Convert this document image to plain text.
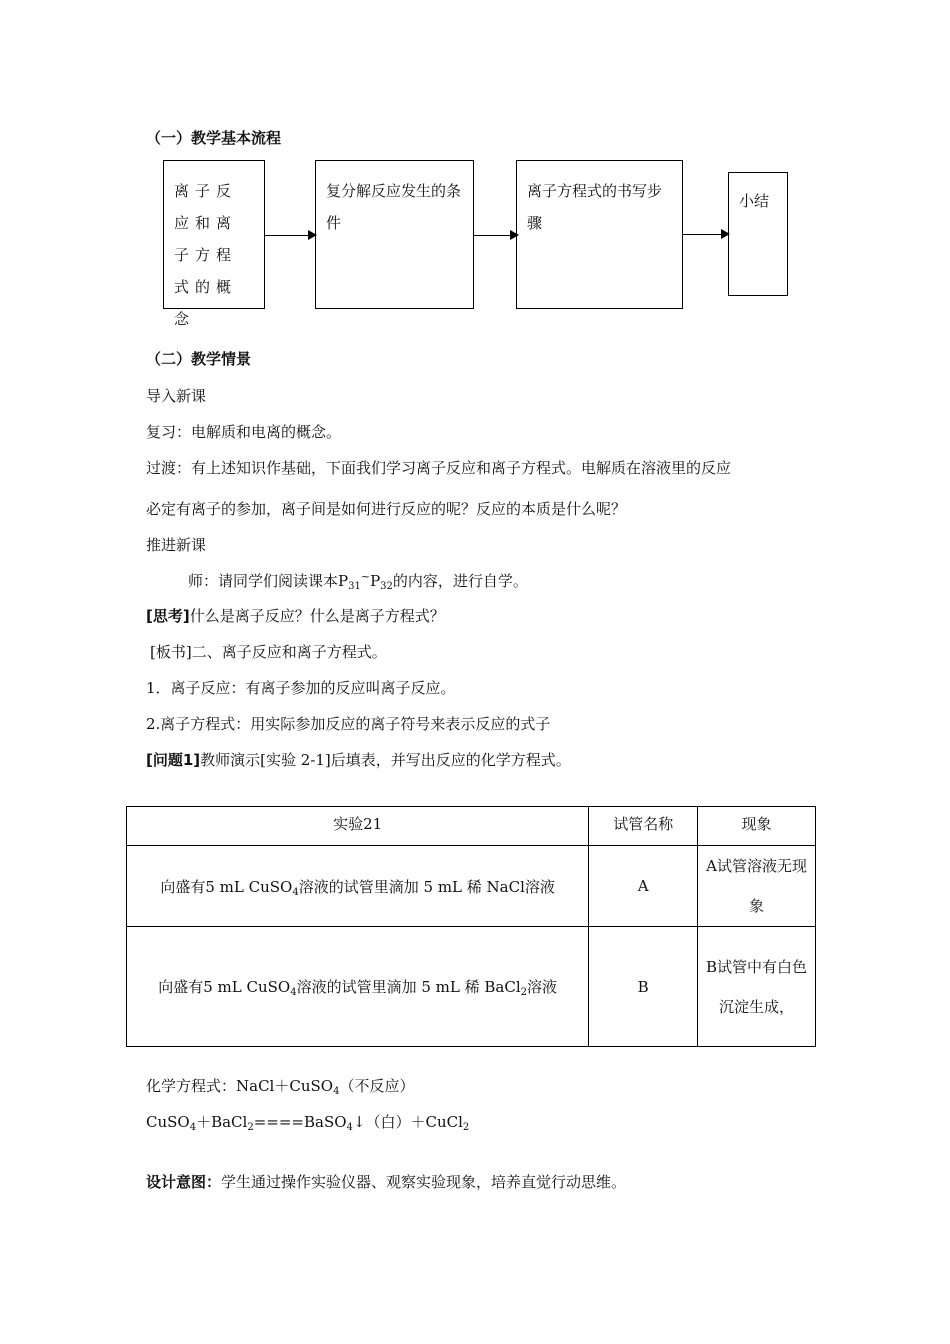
（一）教学基本流程
离子反应和离子方程式的概念
复分解反应发生的条件
离子方程式的书写步骤
小结
（二）教学情景
导入新课
复习：电解质和电离的概念。
过渡：有上述知识作基础，下面我们学习离子反应和离子方程式。电解质在溶液里的反应
必定有离子的参加，离子间是如何进行反应的呢？反应的本质是什么呢？
推进新课
师：请同学们阅读课本$P_{31}^\sim P_{32}$的内容，进行自学。
[思考]什么是离子反应？什么是离子方程式？
[板书]二、离子反应和离子方程式。
1．离子反应：有离子参加的反应叫离子反应。
2.离子方程式：用实际参加反应的离子符号来表示反应的式子
[问题1]教师演示[实验 2-1]后填表，并写出反应的化学方程式。
实验21	试管名称	现象
向盛有5 mL CuSO$_4$溶液的试管里滴加 5 mL 稀 NaCl溶液	A	A试管溶液无现象
向盛有5 mL CuSO$_4$溶液的试管里滴加 5 mL 稀 BaCl$_2$溶液	B	B试管中有白色沉淀生成，
化学方程式：NaCl＋CuSO$_4$（不反应）
CuSO$_4$＋BaCl$_2$====BaSO$_4$↓（白）＋CuCl$_2$
设计意图：学生通过操作实验仪器、观察实验现象，培养直觉行动思维。
